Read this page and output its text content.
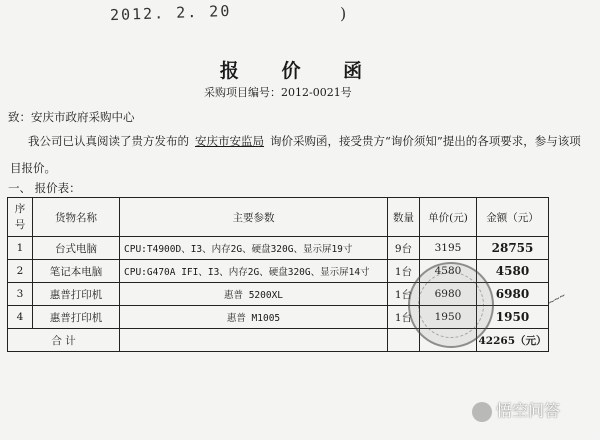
2012. 2. 20	)
报 价 函
采购项目编号：2012-0021号
致：安庆市政府采购中心
我公司已认真阅读了贵方发布的 安庆市安监局 询价采购函，接受贵方“询价须知”提出的各项要求，参与该项目报价。
一、 报价表：
序
号	货物名称	主要参数	数量	单价(元)	金额（元）
1	台式电脑	CPU:T4900D、I3、内存2G、硬盘320G、显示屏19寸	9台	3195	28755
2	笔记本电脑	CPU:G470A IFI、I3、内存2G、硬盘320G、显示屏14寸	1台	4580	4580
3	惠普打印机	惠普 5200XL	1台	6980	6980
4	惠普打印机	惠普 M1005	1台	1950	1950
合 计					42265（元）
~~~
悟空问答
